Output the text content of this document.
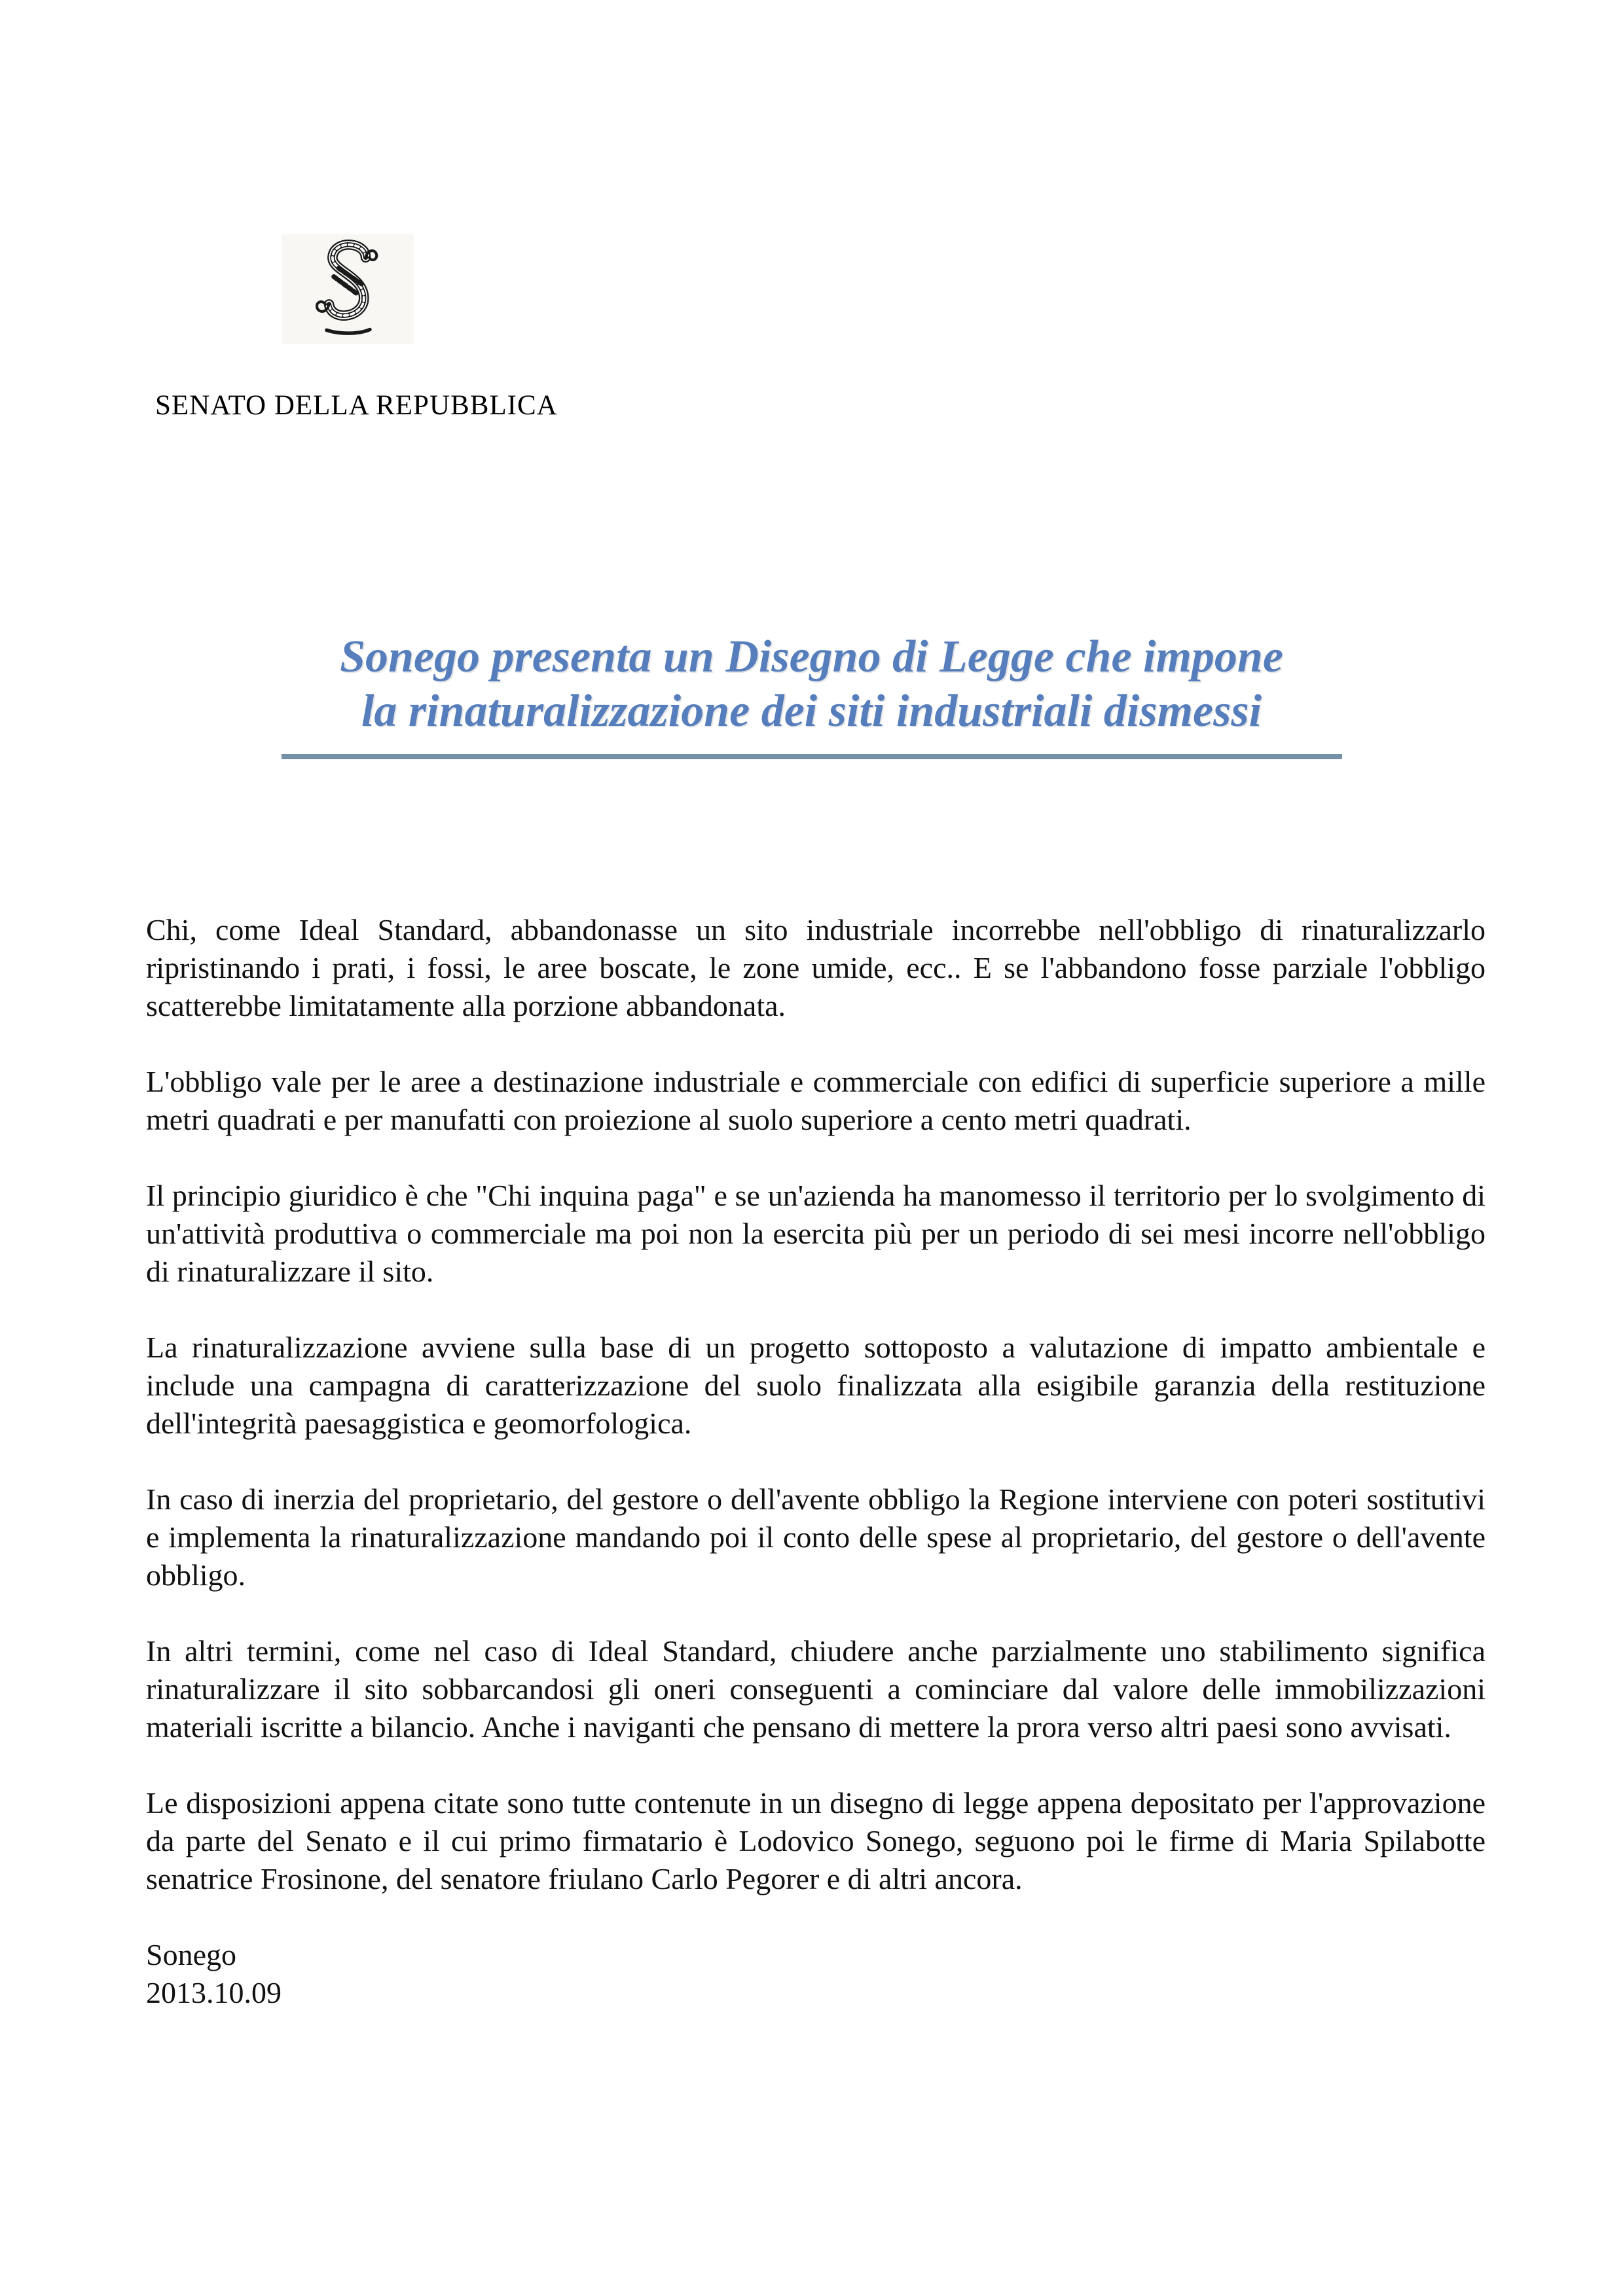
SENATO DELLA REPUBBLICA
Sonego presenta un Disegno di Legge che impone
la rinaturalizzazione dei siti industriali dismessi

Chi, come Ideal Standard, abbandonasse un sito industriale incorrebbe nell'obbligo di rinaturalizzarlo ripristinando i prati, i fossi, le aree boscate, le zone umide, ecc.. E se l'abbandono fosse parziale l'obbligo scatterebbe limitatamente alla porzione abbandonata.

L'obbligo vale per le aree a destinazione industriale e commerciale con edifici di superficie superiore a mille metri quadrati e per manufatti con proiezione al suolo superiore a cento metri quadrati.

Il principio giuridico è che "Chi inquina paga" e se un'azienda ha manomesso il territorio per lo svolgimento di un'attività produttiva o commerciale ma poi non la esercita più per un periodo di sei mesi incorre nell'obbligo di rinaturalizzare il sito.

La rinaturalizzazione avviene sulla base di un progetto sottoposto a valutazione di impatto ambientale e include una campagna di caratterizzazione del suolo finalizzata alla esigibile garanzia della restituzione dell'integrità paesaggistica e geomorfologica.

In caso di inerzia del proprietario, del gestore o dell'avente obbligo la Regione interviene con poteri sostitutivi e implementa la rinaturalizzazione mandando poi il conto delle spese al proprietario, del gestore o dell'avente obbligo.

In altri termini, come nel caso di Ideal Standard, chiudere anche parzialmente uno stabilimento significa rinaturalizzare il sito sobbarcandosi gli oneri conseguenti a cominciare dal valore delle immobilizzazioni materiali iscritte a bilancio. Anche i naviganti che pensano di mettere la prora verso altri paesi sono avvisati.

Le disposizioni appena citate sono tutte contenute in un disegno di legge appena depositato per l'approvazione da parte del Senato e il cui primo firmatario è Lodovico Sonego, seguono poi le firme di Maria Spilabotte senatrice Frosinone, del senatore friulano Carlo Pegorer e di altri ancora.

Sonego
2013.10.09
